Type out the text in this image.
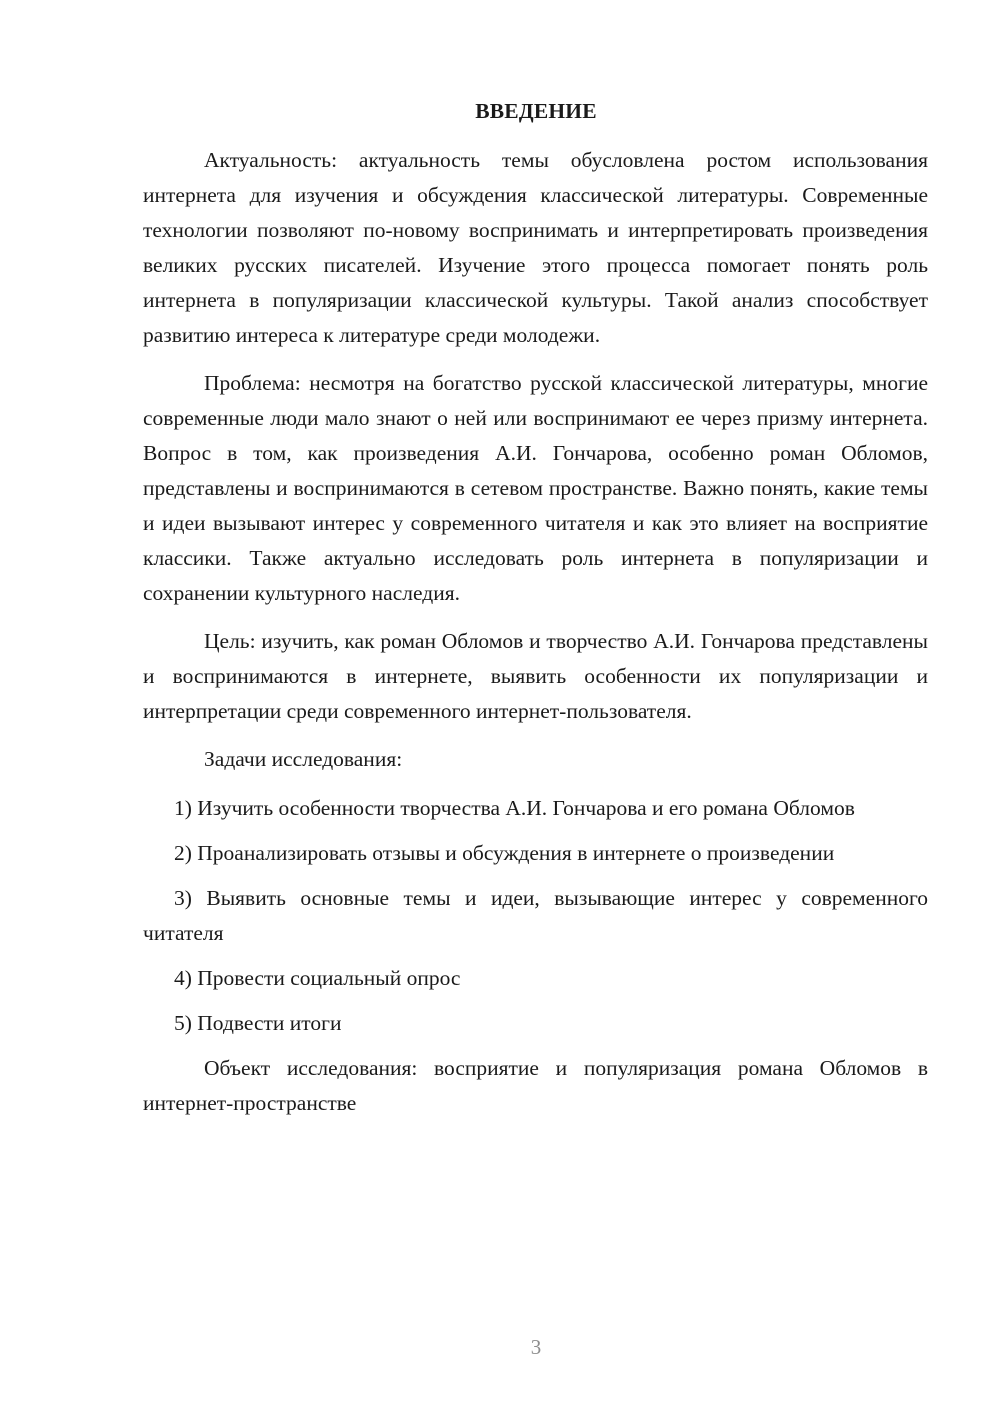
ВВЕДЕНИЕ

Актуальность: актуальность темы обусловлена ростом использования интернета для изучения и обсуждения классической литературы. Современные технологии позволяют по-новому воспринимать и интерпретировать произведения великих русских писателей. Изучение этого процесса помогает понять роль интернета в популяризации классической культуры. Такой анализ способствует развитию интереса к литературе среди молодежи.

Проблема: несмотря на богатство русской классической литературы, многие современные люди мало знают о ней или воспринимают ее через призму интернета. Вопрос в том, как произведения А.И. Гончарова, особенно роман Обломов, представлены и воспринимаются в сетевом пространстве. Важно понять, какие темы и идеи вызывают интерес у современного читателя и как это влияет на восприятие классики. Также актуально исследовать роль интернета в популяризации и сохранении культурного наследия.

Цель: изучить, как роман Обломов и творчество А.И. Гончарова представлены и воспринимаются в интернете, выявить особенности их популяризации и интерпретации среди современного интернет-пользователя.

Задачи исследования:

1) Изучить особенности творчества А.И. Гончарова и его романа Обломов

2) Проанализировать отзывы и обсуждения в интернете о произведении

3) Выявить основные темы и идеи, вызывающие интерес у современного читателя

4) Провести социальный опрос

5) Подвести итоги

Объект исследования: восприятие и популяризация романа Обломов в интернет-пространстве

3
